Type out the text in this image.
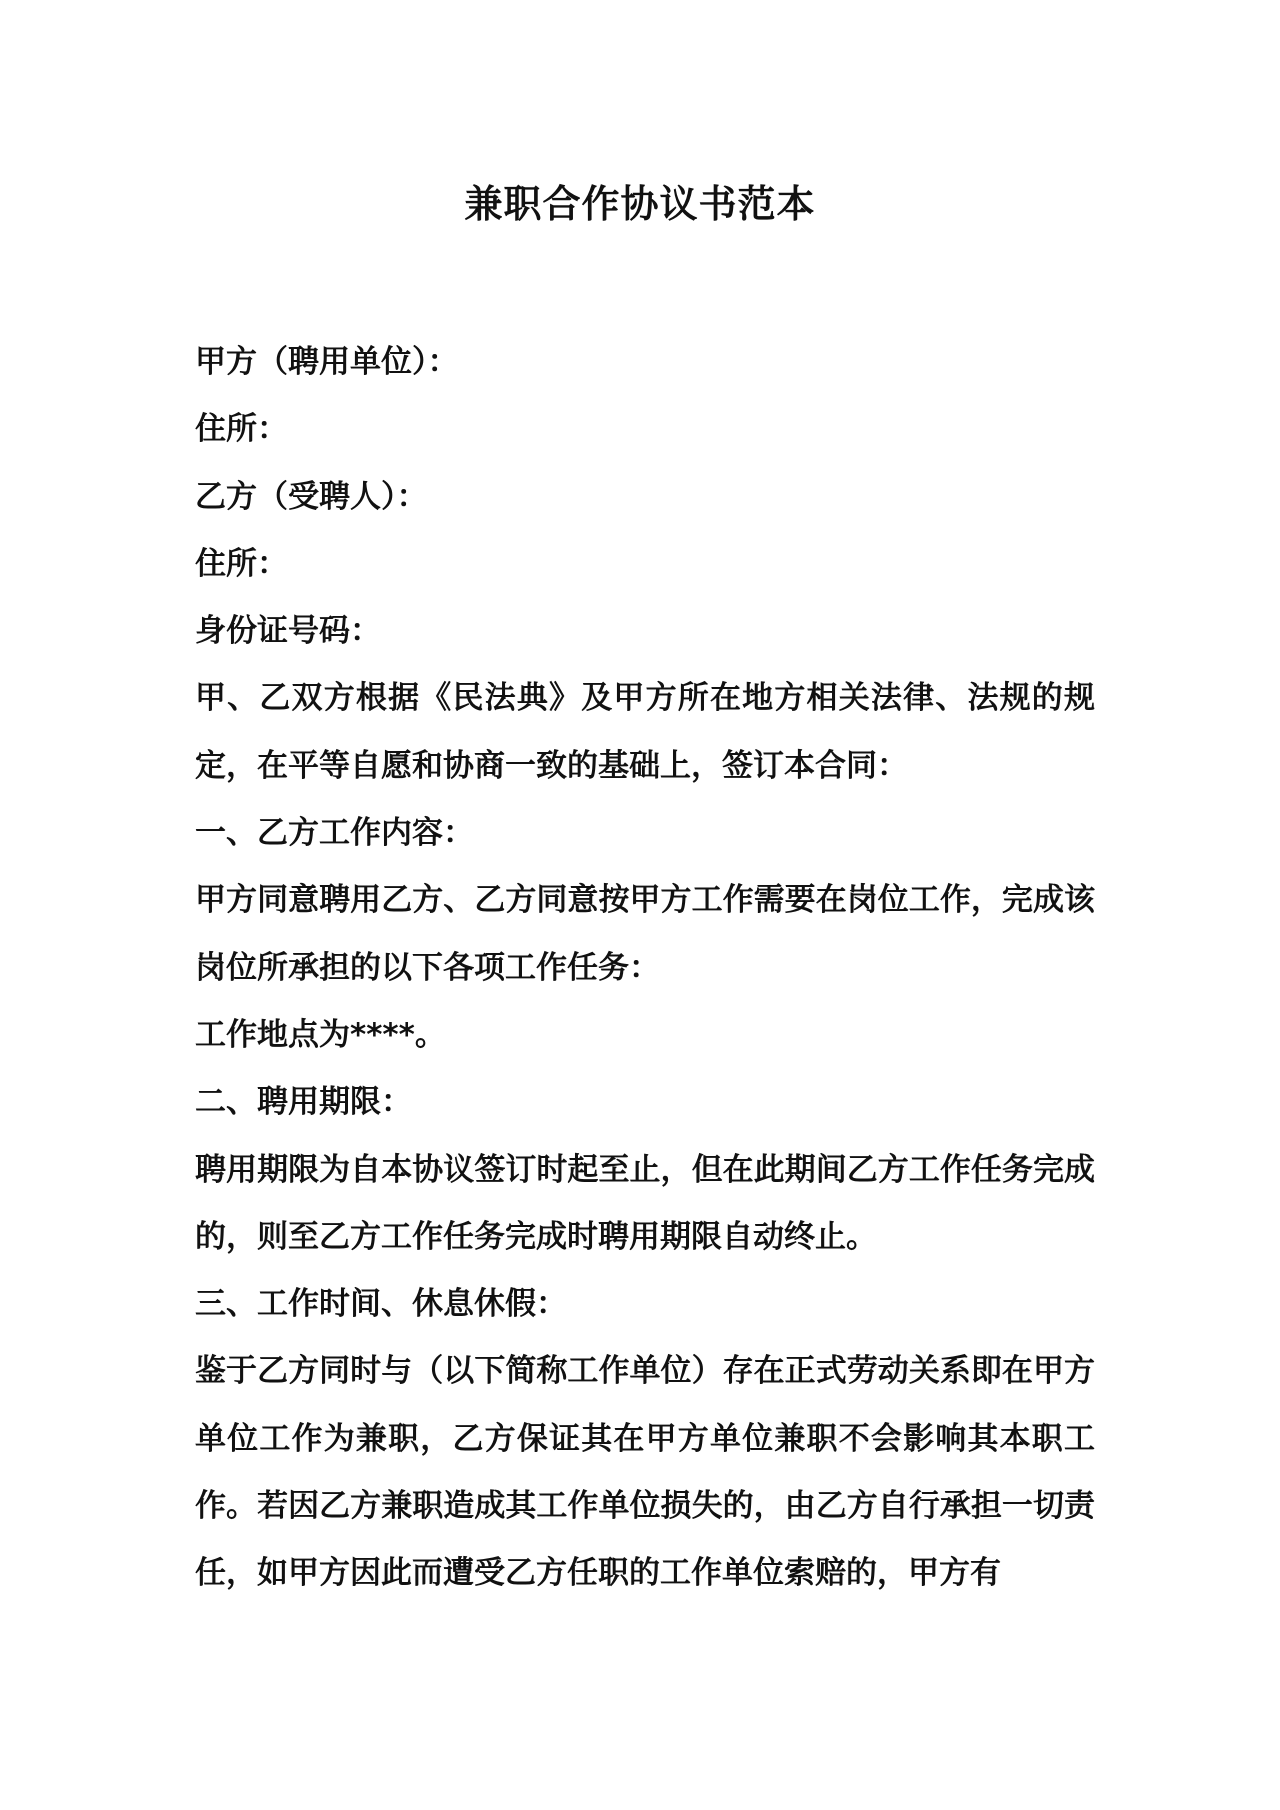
兼职合作协议书范本

甲方（聘用单位）：

住所：

乙方（受聘人）：

住所：

身份证号码：

甲、乙双方根据《民法典》及甲方所在地方相关法律、法规的规定，在平等自愿和协商一致的基础上，签订本合同：

一、乙方工作内容：

甲方同意聘用乙方、乙方同意按甲方工作需要在岗位工作，完成该岗位所承担的以下各项工作任务：

工作地点为****。

二、聘用期限：

聘用期限为自本协议签订时起至止，但在此期间乙方工作任务完成的，则至乙方工作任务完成时聘用期限自动终止。

三、工作时间、休息休假：

鉴于乙方同时与（以下简称工作单位）存在正式劳动关系即在甲方单位工作为兼职，乙方保证其在甲方单位兼职不会影响其本职工作。若因乙方兼职造成其工作单位损失的，由乙方自行承担一切责任，如甲方因此而遭受乙方任职的工作单位索赔的，甲方有
